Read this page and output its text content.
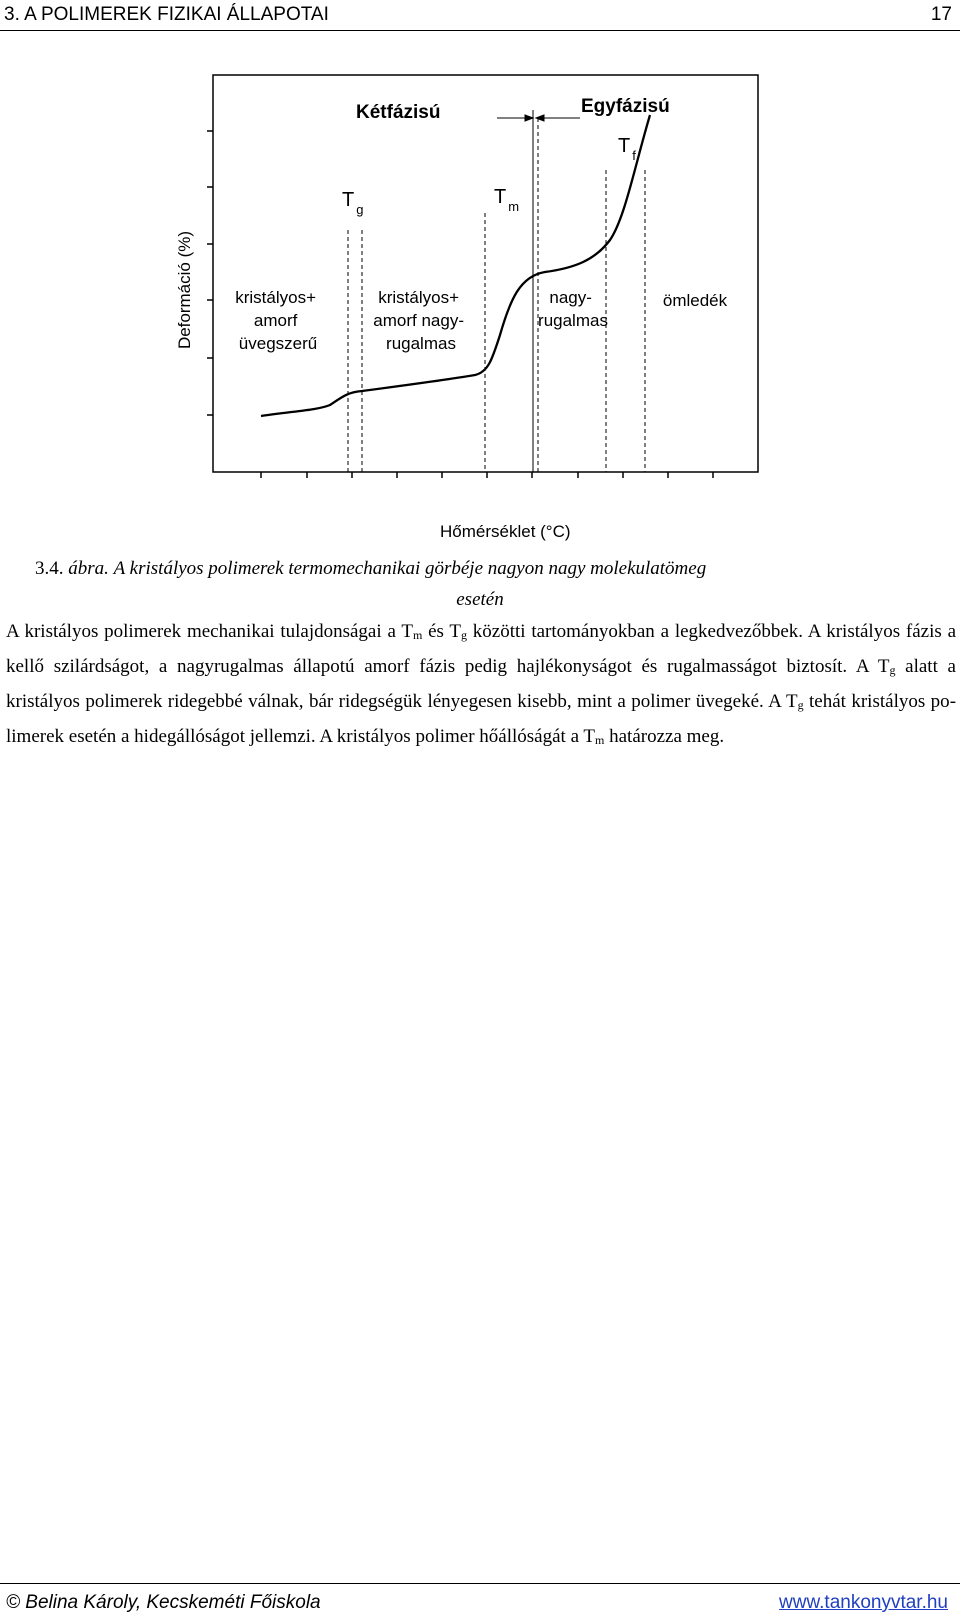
3. A POLIMEREK FIZIKAI ÁLLAPOTAI	17
Kétfázisú	Egyfázisú
T $_g$
T $_m$
T $_f$
Deformáció (%) kristályos+ amorf üvegszerű
kristályos+ amorf nagy- rugalmas
nagy- rugalmas
ömledék
Hőmérséklet (°C)
3.4. ábra. A kristályos polimerek termomechanikai görbéje nagyon nagy molekulatömeg
esetén
A kristályos polimerek mechanikai tulajdonságai a $T_m$ és $T_g$ közötti tartományokban a legkedvezőbbek. A kristályos fázis a kellő szilárdságot, a nagyrugalmas állapotú amorf fázis pedig hajlékonyságot és rugalmasságot biztosít. A $T_g$ alatt a kristályos polimerek ridegebbé válnak, bár ridegségük lényegesen kisebb, mint a polimer üvegeké. A $T_g$ tehát kristályos polimerek esetén a hidegállóságot jellemzi. A kristályos polimer hőállóságát a $T_m$ határozza meg.
© Belina Károly, Kecskeméti Főiskola	www.tankonyvtar.hu
